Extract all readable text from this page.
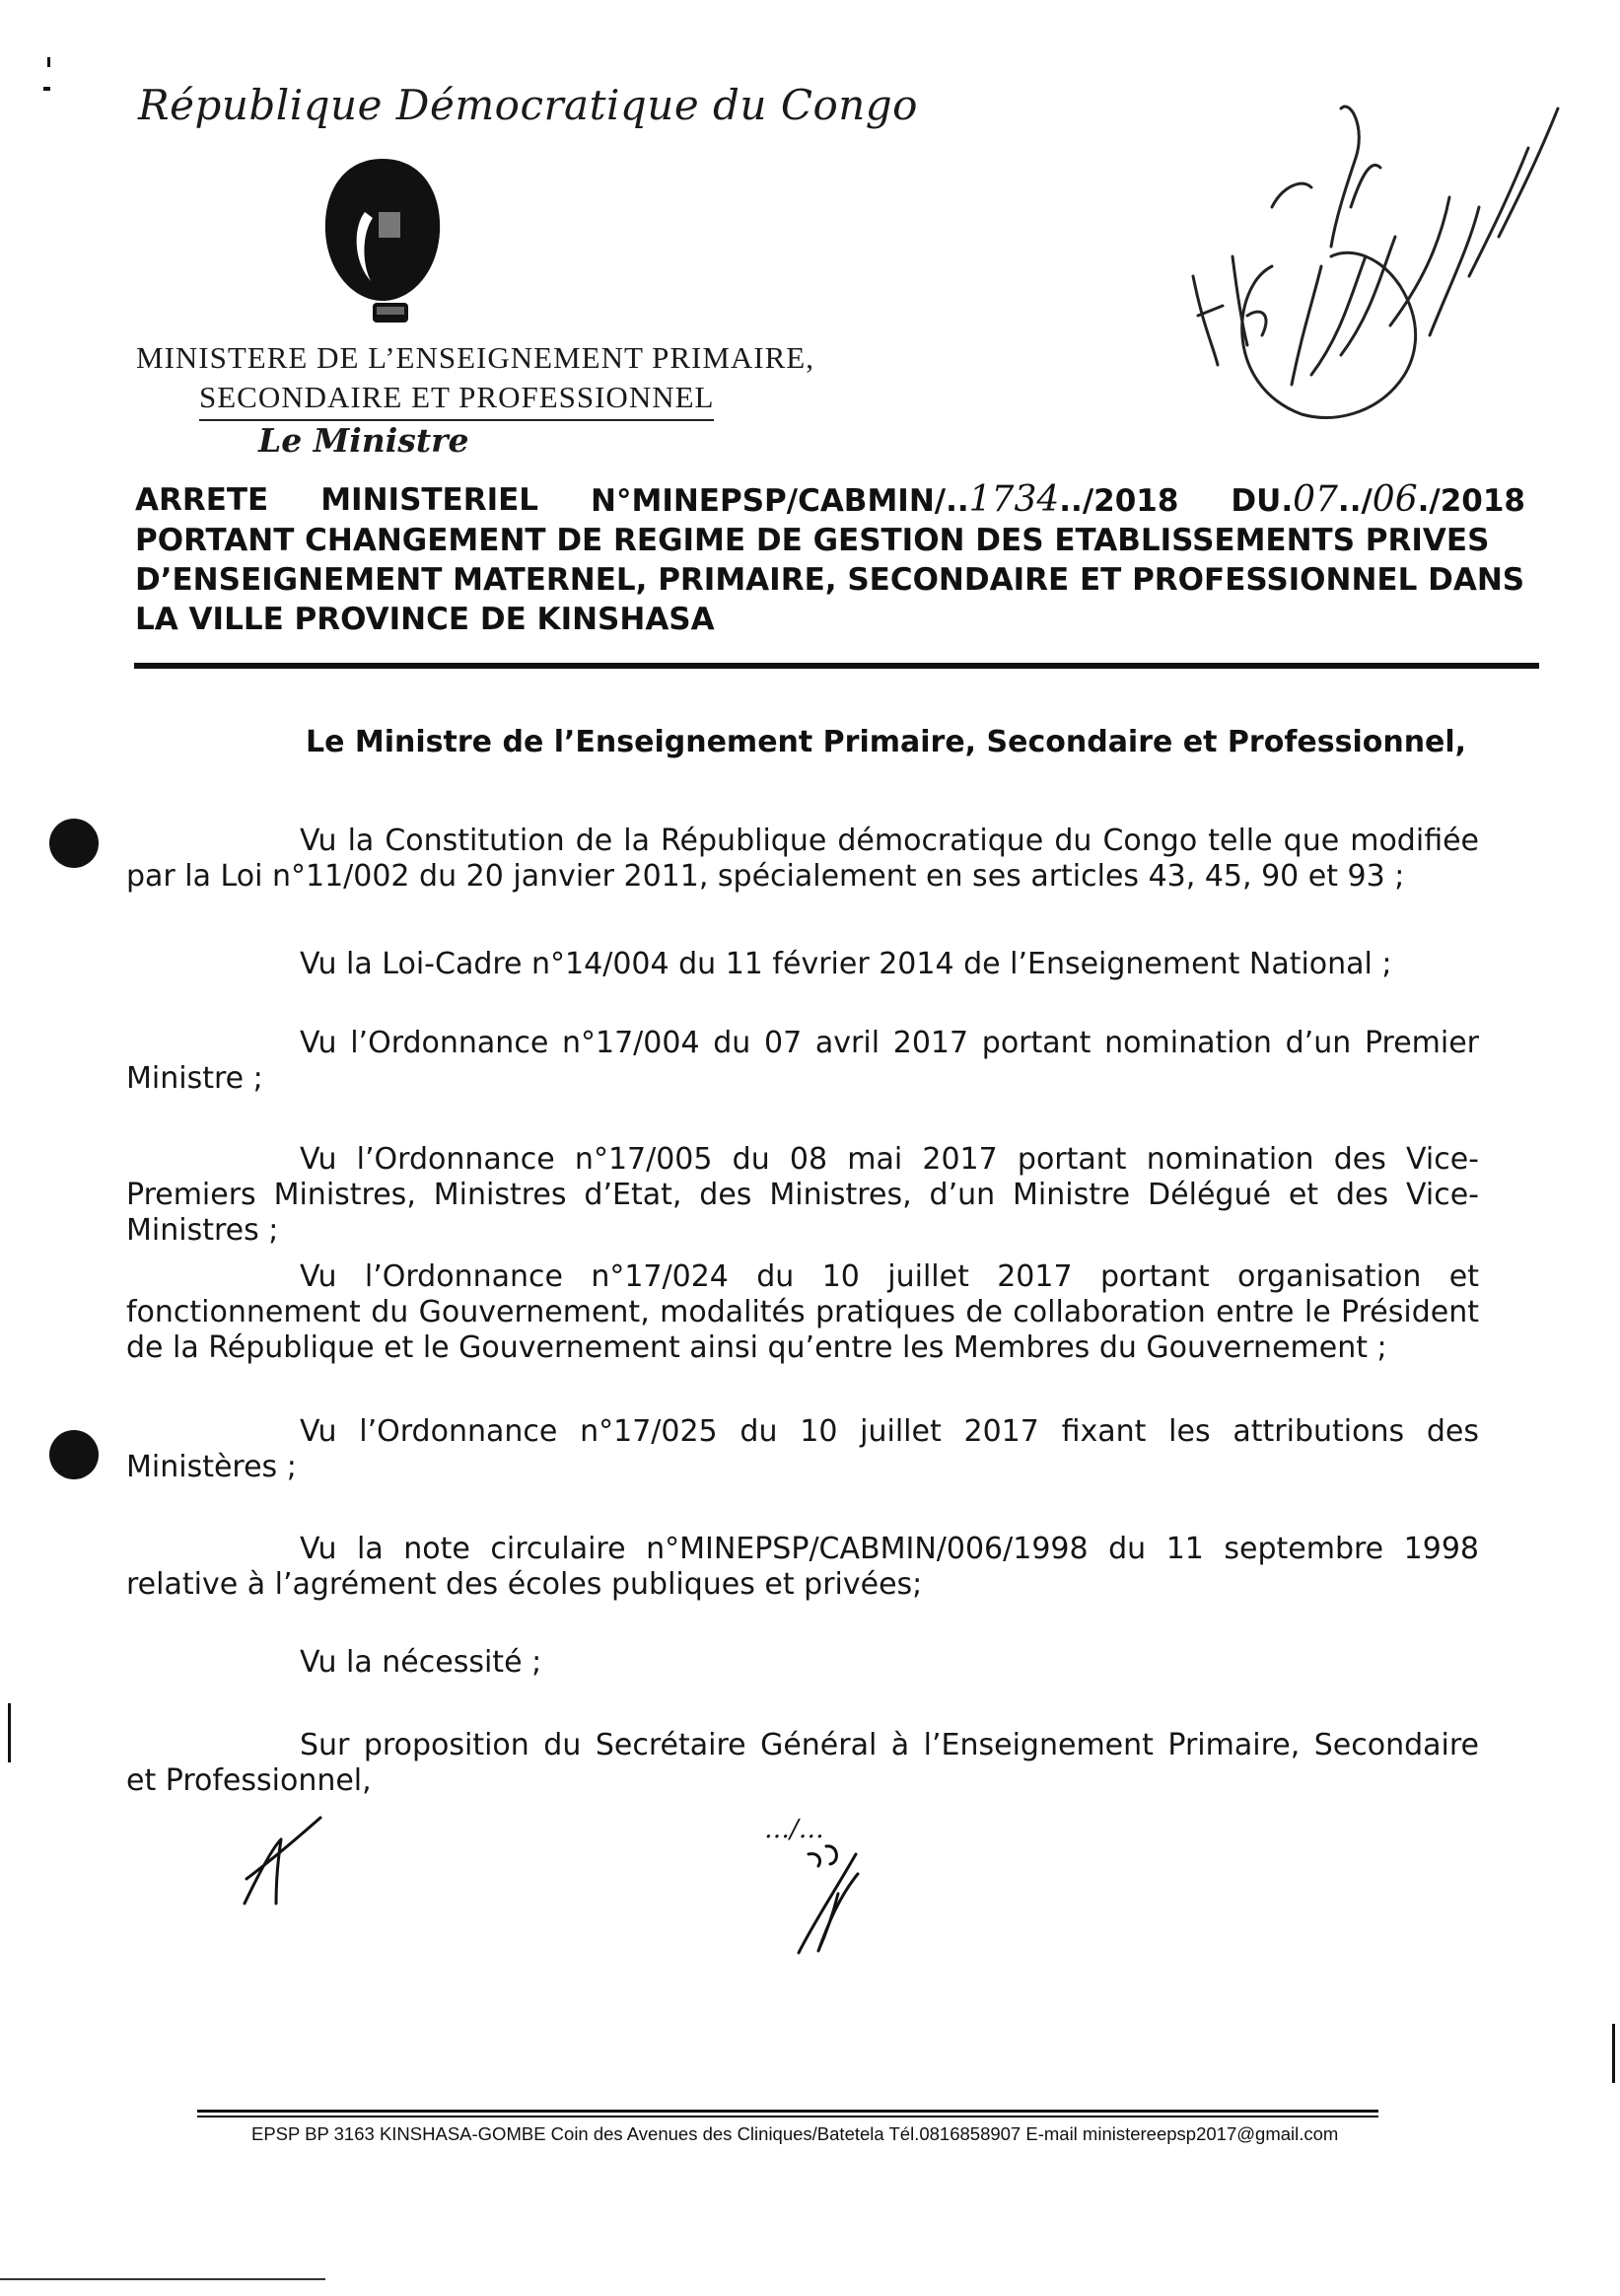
République Démocratique du Congo
MINISTERE DE L’ENSEIGNEMENT PRIMAIRE,
SECONDAIRE ET PROFESSIONNEL
Le Ministre
ARRETE MINISTERIEL N°MINEPSP/CABMIN/..1734../2018 DU.07../06./2018
PORTANT CHANGEMENT DE REGIME DE GESTION DES ETABLISSEMENTS PRIVES
D’ENSEIGNEMENT MATERNEL, PRIMAIRE, SECONDAIRE ET PROFESSIONNEL DANS
LA VILLE PROVINCE DE KINSHASA
Le Ministre de l’Enseignement Primaire, Secondaire et Professionnel,
Vu la Constitution de la République démocratique du Congo telle que modifiée par la Loi n°11/002 du 20 janvier 2011, spécialement en ses articles 43, 45, 90 et 93 ;
Vu la Loi-Cadre n°14/004 du 11 février 2014 de l’Enseignement National ;
Vu l’Ordonnance n°17/004 du 07 avril 2017 portant nomination d’un Premier Ministre ;
Vu l’Ordonnance n°17/005 du 08 mai 2017 portant nomination des Vice-Premiers Ministres, Ministres d’Etat, des Ministres, d’un Ministre Délégué et des Vice-Ministres ;
Vu l’Ordonnance n°17/024 du 10 juillet 2017 portant organisation et fonctionnement du Gouvernement, modalités pratiques de collaboration entre le Président de la République et le Gouvernement ainsi qu’entre les Membres du Gouvernement ;
Vu l’Ordonnance n°17/025 du 10 juillet 2017 fixant les attributions des Ministères ;
Vu la note circulaire n°MINEPSP/CABMIN/006/1998 du 11 septembre 1998 relative à l’agrément des écoles publiques et privées;
Vu la nécessité ;
Sur proposition du Secrétaire Général à l’Enseignement Primaire, Secondaire et Professionnel,
…/…
EPSP BP 3163 KINSHASA-GOMBE Coin des Avenues des Cliniques/Batetela Tél.0816858907 E-mail ministereepsp2017@gmail.com
